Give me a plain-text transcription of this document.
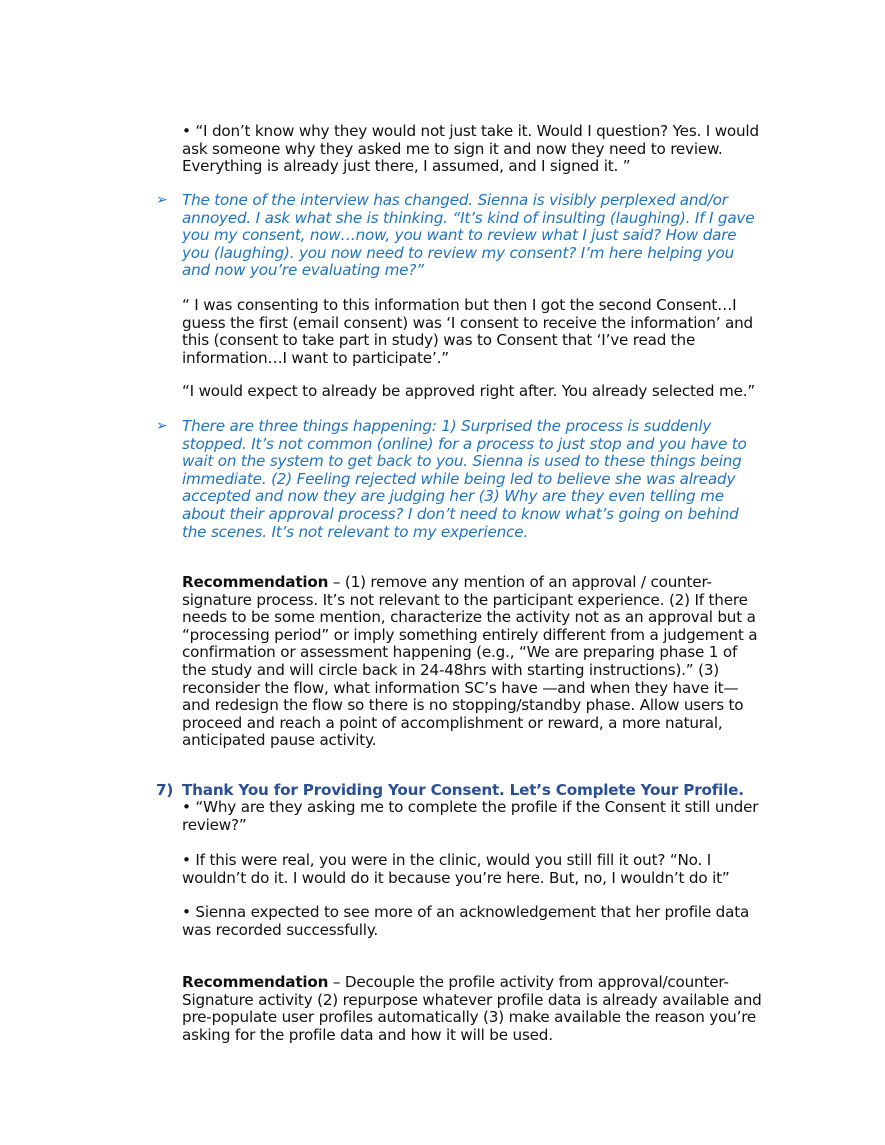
• “I don’t know why they would not just take it. Would I question? Yes. I would ask someone why they asked me to sign it and now they need to review. Everything is already just there, I assumed, and I signed it. ”

➢ The tone of the interview has changed. Sienna is visibly perplexed and/or annoyed. I ask what she is thinking. “It’s kind of insulting (laughing). If I gave you my consent, now…now, you want to review what I just said? How dare you (laughing). you now need to review my consent? I’m here helping you and now you’re evaluating me?”

“ I was consenting to this information but then I got the second Consent…I guess the first (email consent) was ‘I consent to receive the information’ and this (consent to take part in study) was to Consent that ‘I’ve read the information…I want to participate’.”

“I would expect to already be approved right after. You already selected me.”

➢ There are three things happening: 1) Surprised the process is suddenly stopped. It’s not common (online) for a process to just stop and you have to wait on the system to get back to you. Sienna is used to these things being immediate. (2) Feeling rejected while being led to believe she was already accepted and now they are judging her (3) Why are they even telling me about their approval process? I don’t need to know what’s going on behind the scenes. It’s not relevant to my experience.

Recommendation – (1) remove any mention of an approval / counter-signature process. It’s not relevant to the participant experience. (2) If there needs to be some mention, characterize the activity not as an approval but a “processing period” or imply something entirely different from a judgement a confirmation or assessment happening (e.g., “We are preparing phase 1 of the study and will circle back in 24-48hrs with starting instructions).” (3) reconsider the flow, what information SC’s have —and when they have it—and redesign the flow so there is no stopping/standby phase. Allow users to proceed and reach a point of accomplishment or reward, a more natural, anticipated pause activity.

7) Thank You for Providing Your Consent. Let’s Complete Your Profile.

• “Why are they asking me to complete the profile if the Consent it still under review?”

• If this were real, you were in the clinic, would you still fill it out? “No. I wouldn’t do it. I would do it because you’re here. But, no, I wouldn’t do it”

• Sienna expected to see more of an acknowledgement that her profile data  was recorded successfully.

Recommendation – Decouple the profile activity from approval/counter-Signature activity (2) repurpose whatever profile data is already available and pre-populate user profiles automatically (3) make available the reason you’re asking for the profile data and how it will be used.
